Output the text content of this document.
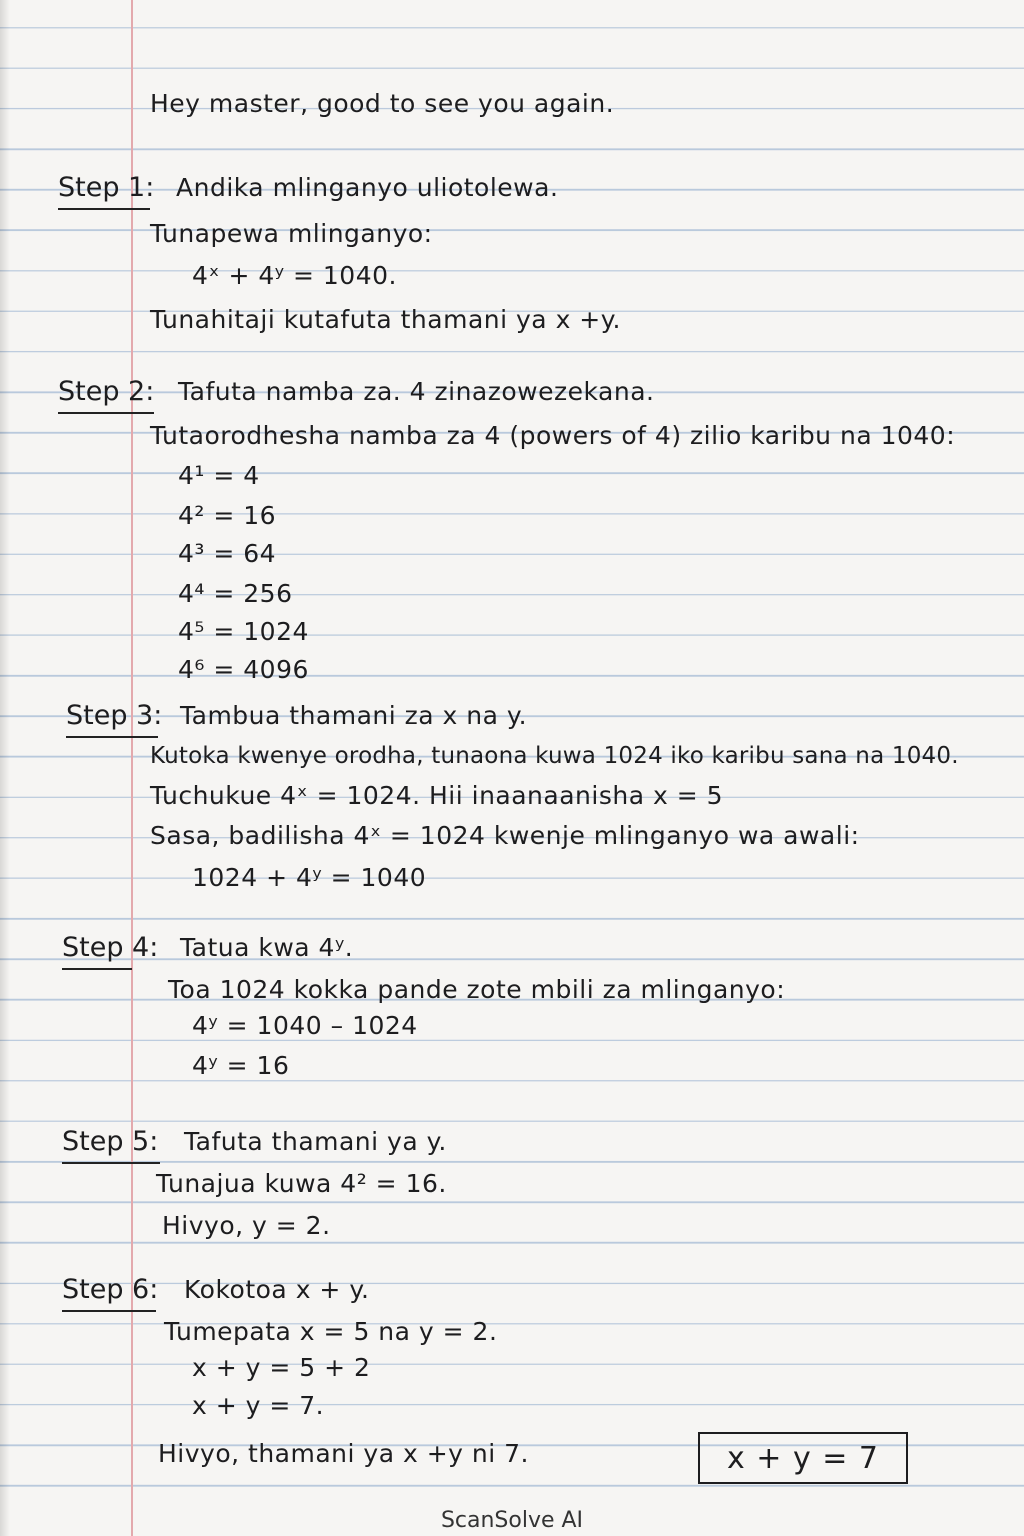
Hey master, good to see you again.
Step 1: Andika mlinganyo uliotolewa.
Tunapewa mlinganyo:
4ˣ + 4ʸ = 1040.
Tunahitaji kutafuta thamani ya x +y.
Step 2: Tafuta namba za. 4 zinazowezekana.
Tutaorodhesha namba za 4 (powers of 4) zilio karibu na 1040:
4¹ = 4
4² = 16
4³ = 64
4⁴ = 256
4⁵ = 1024
4⁶ = 4096
Step 3: Tambua thamani za x na y.
Kutoka kwenye orodha, tunaona kuwa 1024 iko karibu sana na 1040.
Tuchukue 4ˣ = 1024. Hii inaanaanisha x = 5
Sasa, badilisha 4ˣ = 1024 kwenje mlinganyo wa awali:
1024 + 4ʸ = 1040
Step 4: Tatua kwa 4ʸ.
Toa 1024 kokka pande zote mbili za mlinganyo:
4ʸ = 1040 – 1024
4ʸ = 16
Step 5: Tafuta thamani ya y.
Tunajua kuwa 4² = 16.
Hivyo, y = 2.
Step 6: Kokotoa x + y.
Tumepata x = 5 na y = 2.
x + y = 5 + 2
x + y = 7.
Hivyo, thamani ya x +y ni 7.	x + y = 7
ScanSolve AI
